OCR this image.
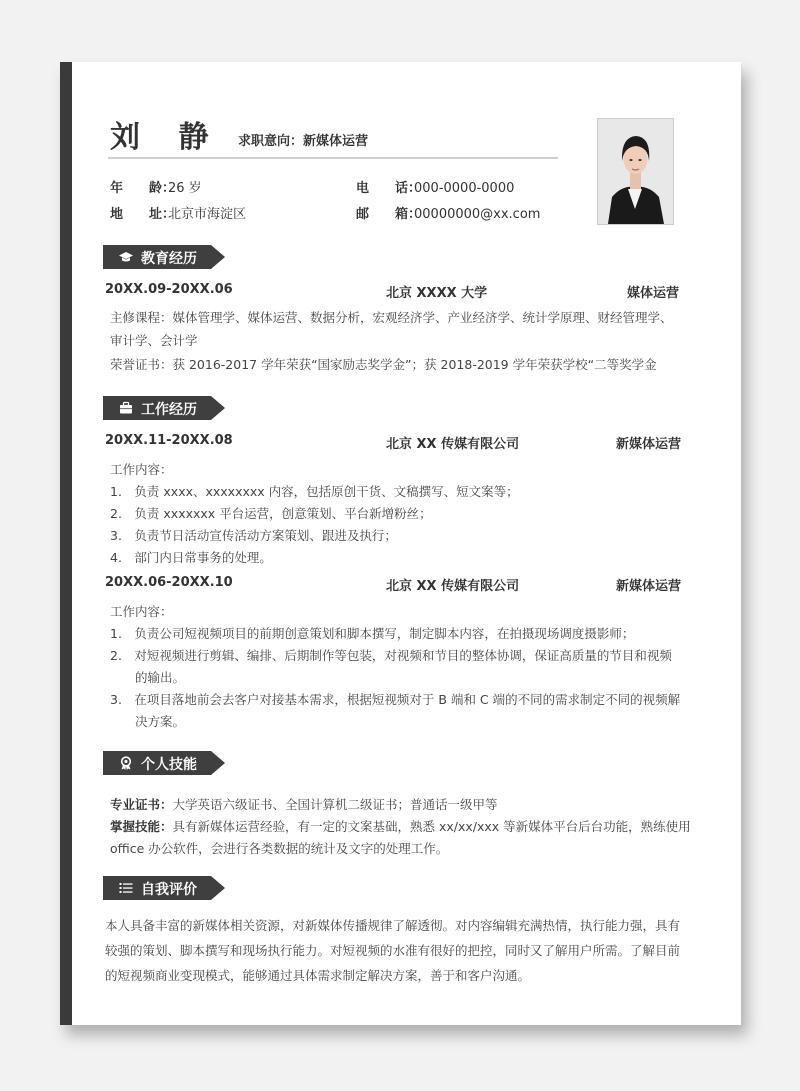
刘 静 求职意向：新媒体运营
年　　龄：26 岁	电　　话：000-0000-0000
地　　址：北京市海淀区	邮　　箱：00000000@xx.com
教育经历
20XX.09-20XX.06	北京 XXXX 大学	媒体运营
主修课程：媒体管理学、媒体运营、数据分析，宏观经济学、产业经济学、统计学原理、财经管理学、
审计学、会计学
荣誉证书：获 2016-2017 学年荣获“国家励志奖学金”；获 2018-2019 学年荣获学校“二等奖学金
工作经历
20XX.11-20XX.08	北京 XX 传媒有限公司	新媒体运营
工作内容：
1.　负责 xxxx、xxxxxxxx 内容，包括原创干货、文稿撰写、短文案等；
2.　负责 xxxxxxx 平台运营，创意策划、平台新增粉丝；
3.　负责节日活动宣传活动方案策划、跟进及执行；
4.　部门内日常事务的处理。
20XX.06-20XX.10	北京 XX 传媒有限公司	新媒体运营
工作内容：
1.　负责公司短视频项目的前期创意策划和脚本撰写，制定脚本内容，在拍摄现场调度摄影师；
2.　对短视频进行剪辑、编排、后期制作等包装，对视频和节目的整体协调，保证高质量的节目和视频
　　的输出。
3.　在项目落地前会去客户对接基本需求，根据短视频对于 B 端和 C 端的不同的需求制定不同的视频解
　　决方案。
个人技能
专业证书：大学英语六级证书、全国计算机二级证书；普通话一级甲等
掌握技能：具有新媒体运营经验，有一定的文案基础，熟悉 xx/xx/xxx 等新媒体平台后台功能，熟练使用
office 办公软件，会进行各类数据的统计及文字的处理工作。
自我评价
本人具备丰富的新媒体相关资源，对新媒体传播规律了解透彻。对内容编辑充满热情，执行能力强，具有
较强的策划、脚本撰写和现场执行能力。对短视频的水准有很好的把控，同时又了解用户所需。了解目前
的短视频商业变现模式，能够通过具体需求制定解决方案，善于和客户沟通。
